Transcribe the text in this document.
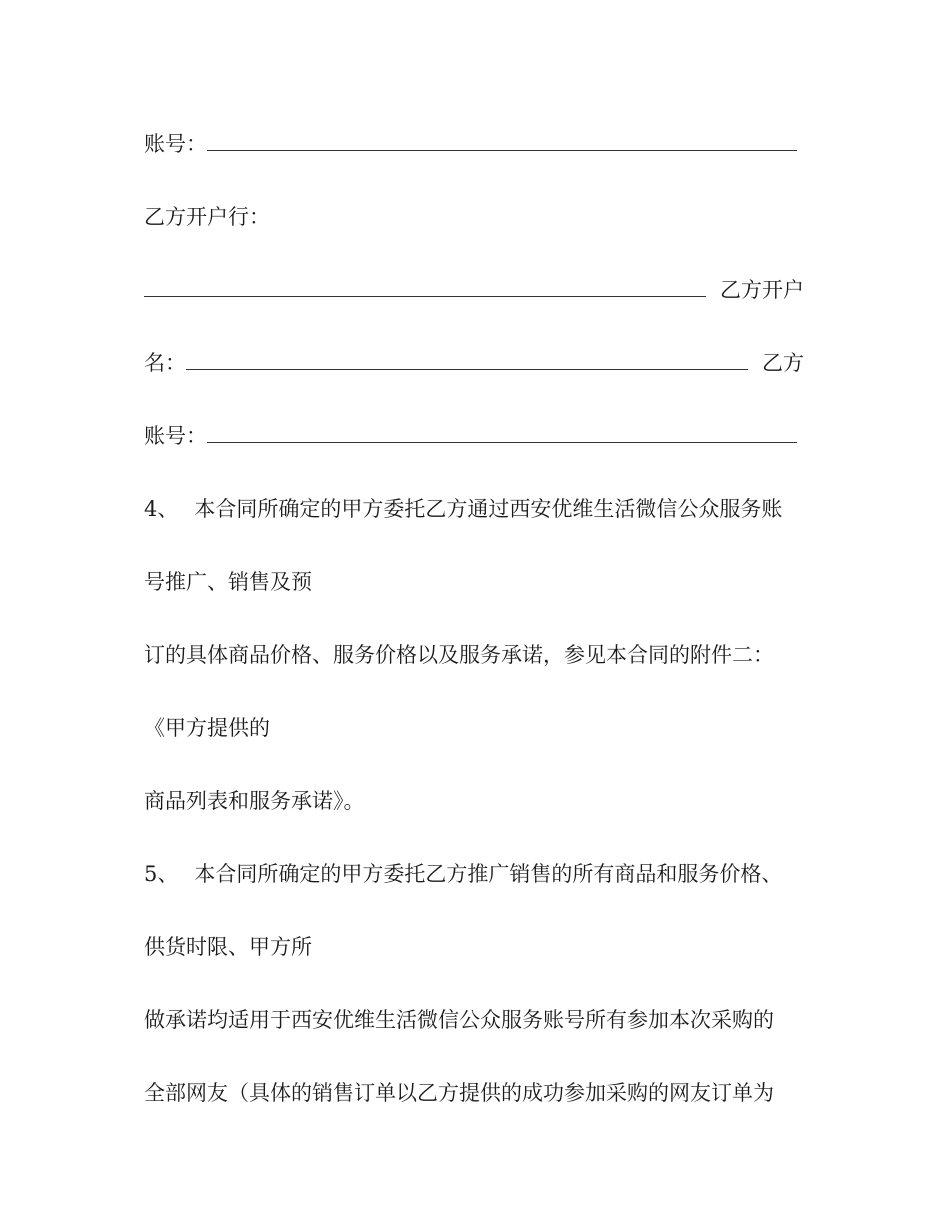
账号：
乙方开户行：
乙方开户
名：	乙方
账号：
4、 本合同所确定的甲方委托乙方通过西安优维生活微信公众服务账
号推广、销售及预
订的具体商品价格、服务价格以及服务承诺，参见本合同的附件二：
《甲方提供的
商品列表和服务承诺》。
5、 本合同所确定的甲方委托乙方推广销售的所有商品和服务价格、
供货时限、甲方所
做承诺均适用于西安优维生活微信公众服务账号所有参加本次采购的
全部网友（具体的销售订单以乙方提供的成功参加采购的网友订单为
